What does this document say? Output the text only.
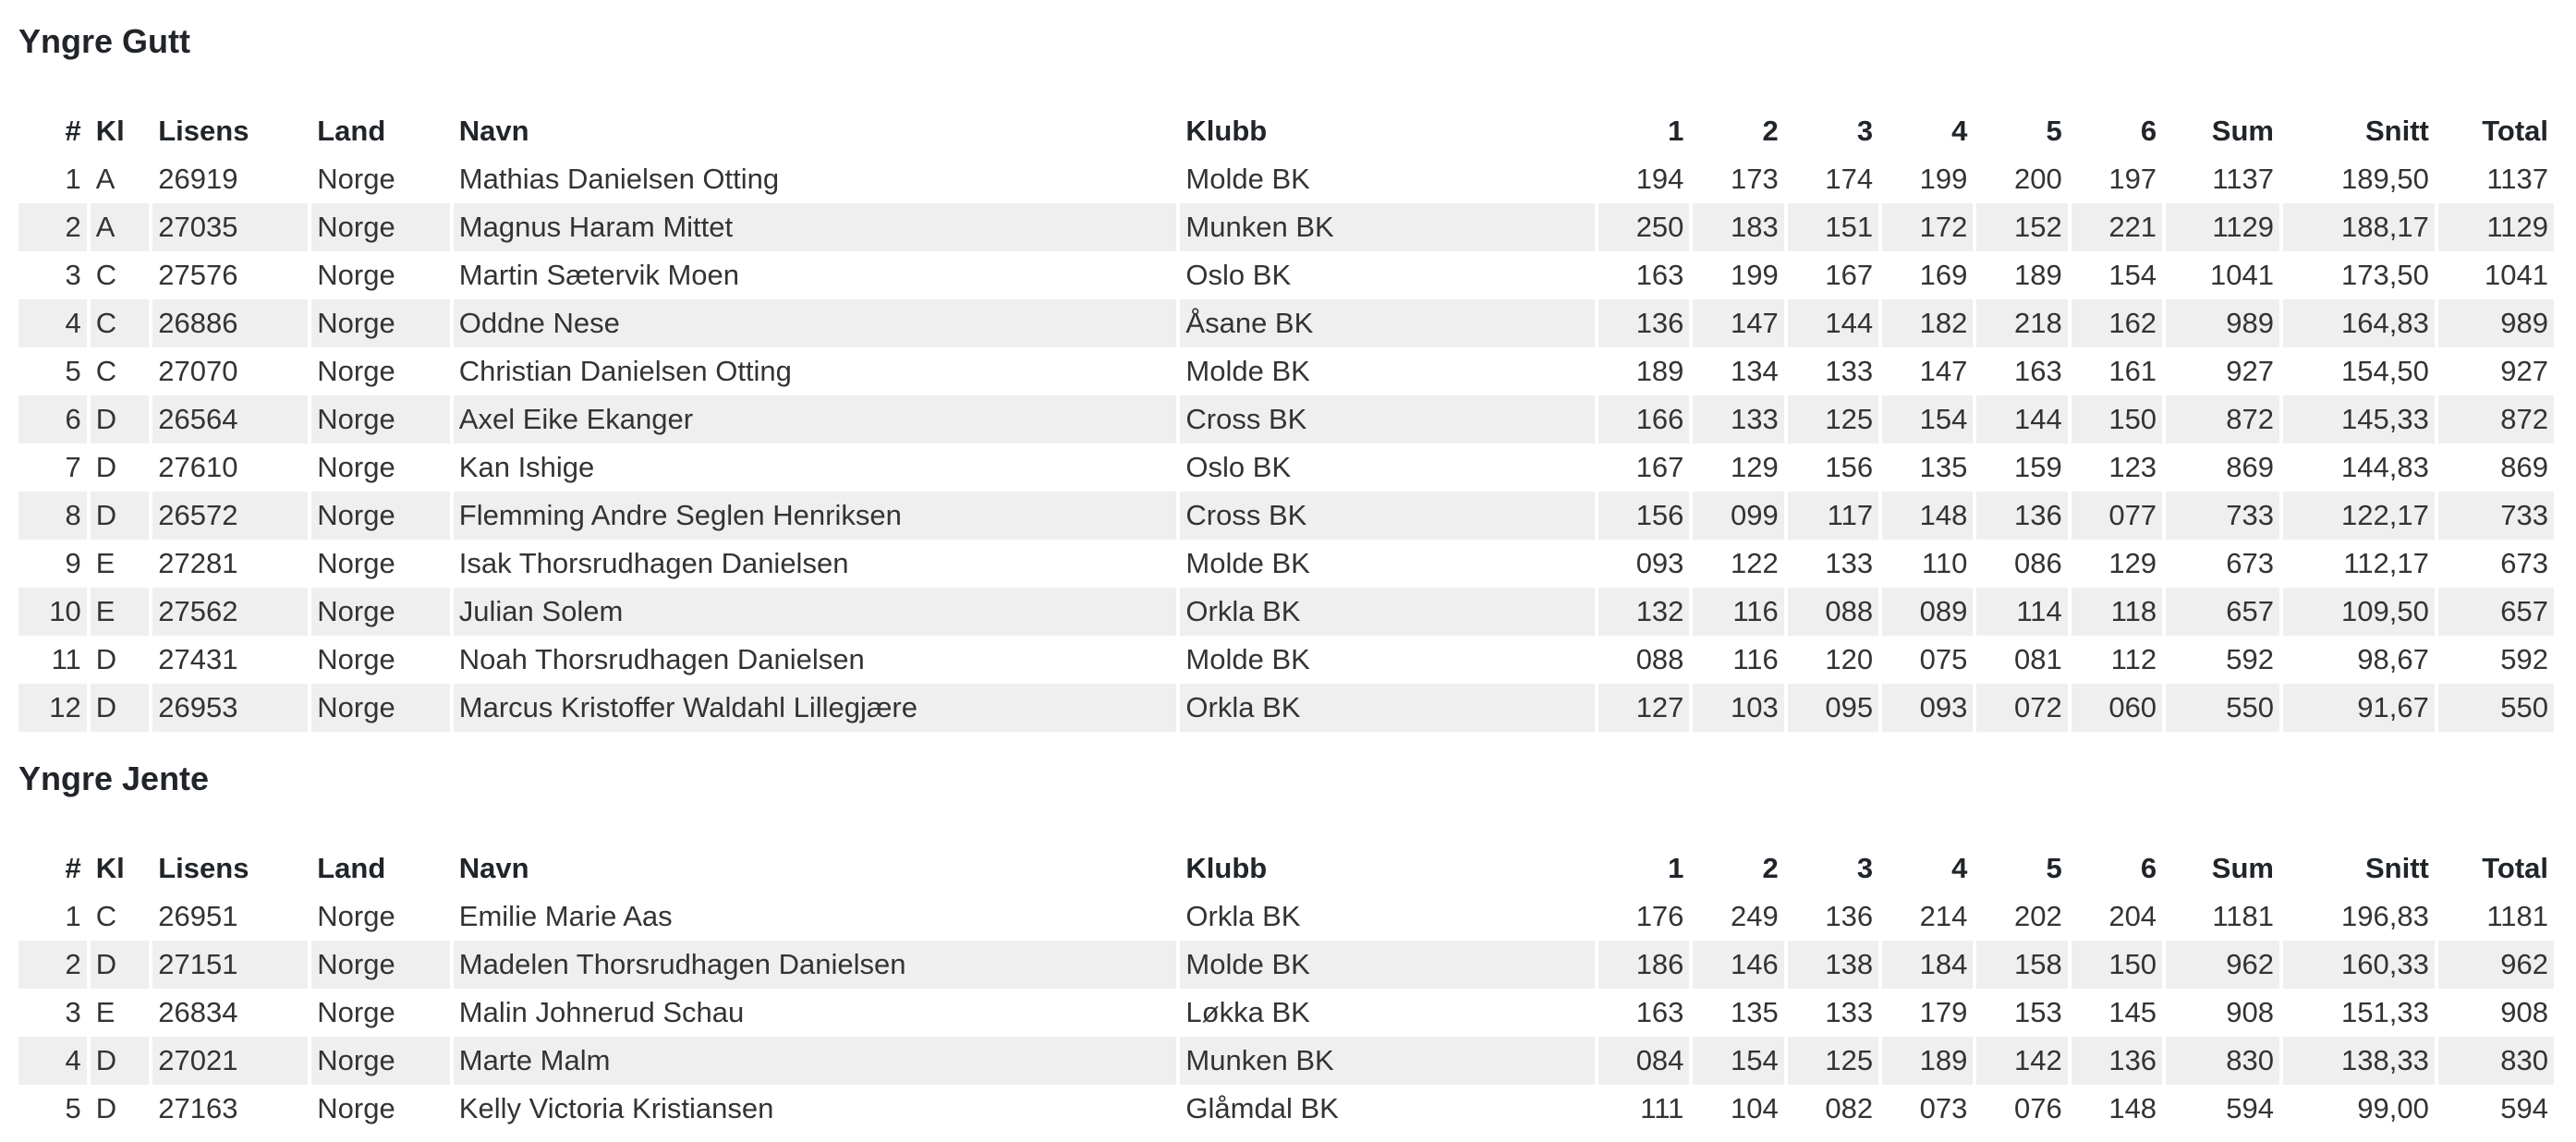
Yngre Gutt
#	Kl	Lisens	Land	Navn	Klubb	1	2	3	4	5	6	Sum	Snitt	Total
1	A	26919	Norge	Mathias Danielsen Otting	Molde BK	194	173	174	199	200	197	1137	189,50	1137
2	A	27035	Norge	Magnus Haram Mittet	Munken BK	250	183	151	172	152	221	1129	188,17	1129
3	C	27576	Norge	Martin Sætervik Moen	Oslo BK	163	199	167	169	189	154	1041	173,50	1041
4	C	26886	Norge	Oddne Nese	Åsane BK	136	147	144	182	218	162	989	164,83	989
5	C	27070	Norge	Christian Danielsen Otting	Molde BK	189	134	133	147	163	161	927	154,50	927
6	D	26564	Norge	Axel Eike Ekanger	Cross BK	166	133	125	154	144	150	872	145,33	872
7	D	27610	Norge	Kan Ishige	Oslo BK	167	129	156	135	159	123	869	144,83	869
8	D	26572	Norge	Flemming Andre Seglen Henriksen	Cross BK	156	099	117	148	136	077	733	122,17	733
9	E	27281	Norge	Isak Thorsrudhagen Danielsen	Molde BK	093	122	133	110	086	129	673	112,17	673
10	E	27562	Norge	Julian Solem	Orkla BK	132	116	088	089	114	118	657	109,50	657
11	D	27431	Norge	Noah Thorsrudhagen Danielsen	Molde BK	088	116	120	075	081	112	592	98,67	592
12	D	26953	Norge	Marcus Kristoffer Waldahl Lillegjære	Orkla BK	127	103	095	093	072	060	550	91,67	550
Yngre Jente
#	Kl	Lisens	Land	Navn	Klubb	1	2	3	4	5	6	Sum	Snitt	Total
1	C	26951	Norge	Emilie Marie Aas	Orkla BK	176	249	136	214	202	204	1181	196,83	1181
2	D	27151	Norge	Madelen Thorsrudhagen Danielsen	Molde BK	186	146	138	184	158	150	962	160,33	962
3	E	26834	Norge	Malin Johnerud Schau	Løkka BK	163	135	133	179	153	145	908	151,33	908
4	D	27021	Norge	Marte Malm	Munken BK	084	154	125	189	142	136	830	138,33	830
5	D	27163	Norge	Kelly Victoria Kristiansen	Glåmdal BK	111	104	082	073	076	148	594	99,00	594
